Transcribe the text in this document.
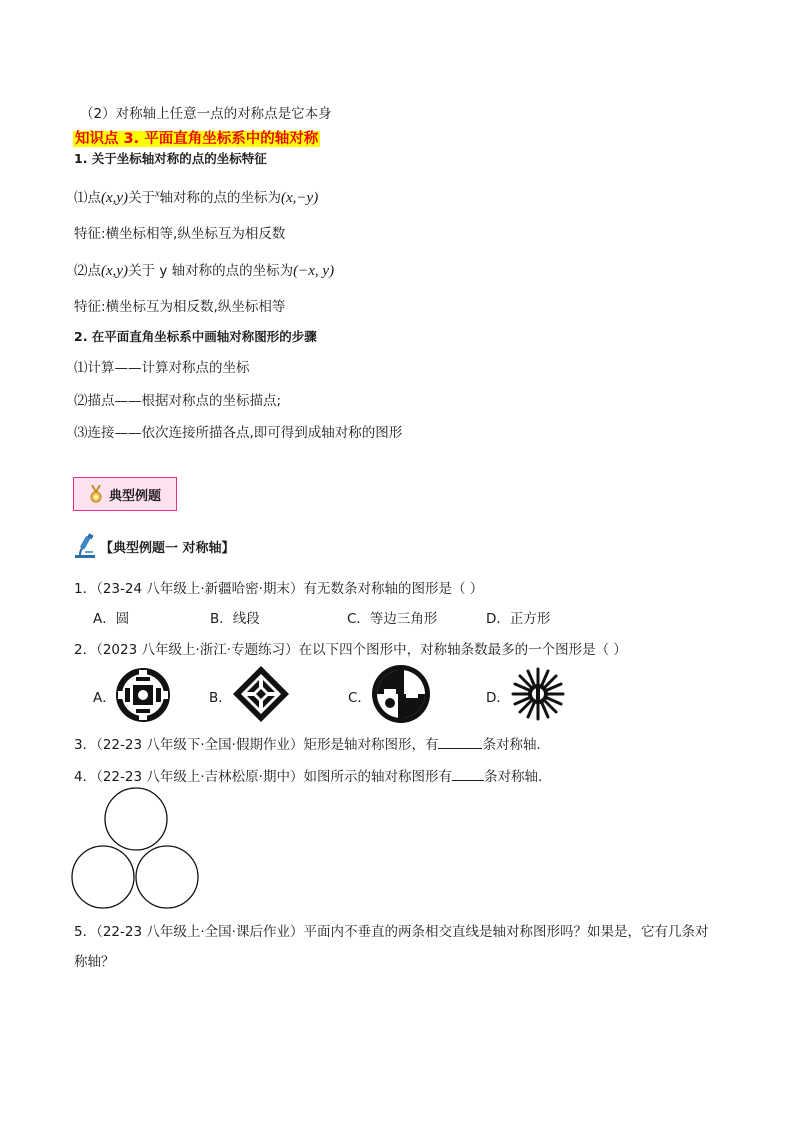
（2）对称轴上任意一点的对称点是它本身
知识点 3. 平面直角坐标系中的轴对称
1. 关于坐标轴对称的点的坐标特征
⑴点(x,y)关于$^x$轴对称的点的坐标为(x,−y)
特征:横坐标相等,纵坐标互为相反数
⑵点(x,y)关于 y 轴对称的点的坐标为(−x, y)
特征:横坐标互为相反数,纵坐标相等
2. 在平面直角坐标系中画轴对称图形的步骤
⑴计算——计算对称点的坐标
⑵描点——根据对称点的坐标描点;
⑶连接——依次连接所描各点,即可得到成轴对称的图形
典型例题
【典型例题一 对称轴】
1．（23-24 八年级上·新疆哈密·期末）有无数条对称轴的图形是（ ）
A．圆	B．线段	C．等边三角形	D．正方形
2．（2023 八年级上·浙江·专题练习）在以下四个图形中，对称轴条数最多的一个图形是（ ）
A．	B．	C．	D．
3．（22-23 八年级下·全国·假期作业）矩形是轴对称图形，有	条对称轴．
4．（22-23 八年级上·吉林松原·期中）如图所示的轴对称图形有 条对称轴．
5．（22-23 八年级上·全国·课后作业）平面内不垂直的两条相交直线是轴对称图形吗？如果是，它有几条对
称轴？
